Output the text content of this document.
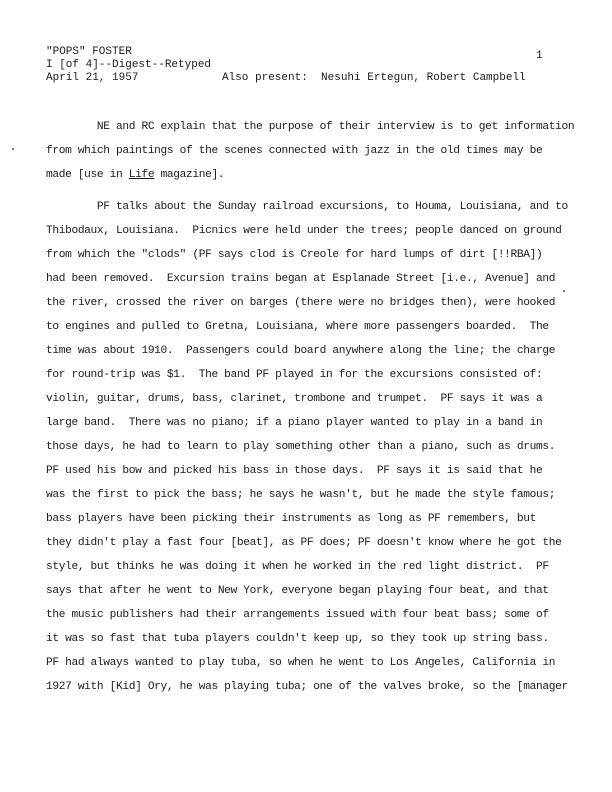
"POPS" FOSTER
I [of 4]--Digest--Retyped
April 21, 1957	Also present:  Nesuhi Ertegun, Robert Campbell
1
NE and RC explain that the purpose of their interview is to get information
from which paintings of the scenes connected with jazz in the old times may be
made [use in Life magazine].
PF talks about the Sunday railroad excursions, to Houma, Louisiana, and to
Thibodaux, Louisiana.  Picnics were held under the trees; people danced on ground
from which the "clods" (PF says clod is Creole for hard lumps of dirt [!!RBA])
had been removed.  Excursion trains began at Esplanade Street [i.e., Avenue] and
the river, crossed the river on barges (there were no bridges then), were hooked
to engines and pulled to Gretna, Louisiana, where more passengers boarded.  The
time was about 1910.  Passengers could board anywhere along the line; the charge
for round-trip was $1.  The band PF played in for the excursions consisted of:
violin, guitar, drums, bass, clarinet, trombone and trumpet.  PF says it was a
large band.  There was no piano; if a piano player wanted to play in a band in
those days, he had to learn to play something other than a piano, such as drums.
PF used his bow and picked his bass in those days.  PF says it is said that he
was the first to pick the bass; he says he wasn't, but he made the style famous;
bass players have been picking their instruments as long as PF remembers, but
they didn't play a fast four [beat], as PF does; PF doesn't know where he got the
style, but thinks he was doing it when he worked in the red light district.  PF
says that after he went to New York, everyone began playing four beat, and that
the music publishers had their arrangements issued with four beat bass; some of
it was so fast that tuba players couldn't keep up, so they took up string bass.
PF had always wanted to play tuba, so when he went to Los Angeles, California in
1927 with [Kid] Ory, he was playing tuba; one of the valves broke, so the [manager
